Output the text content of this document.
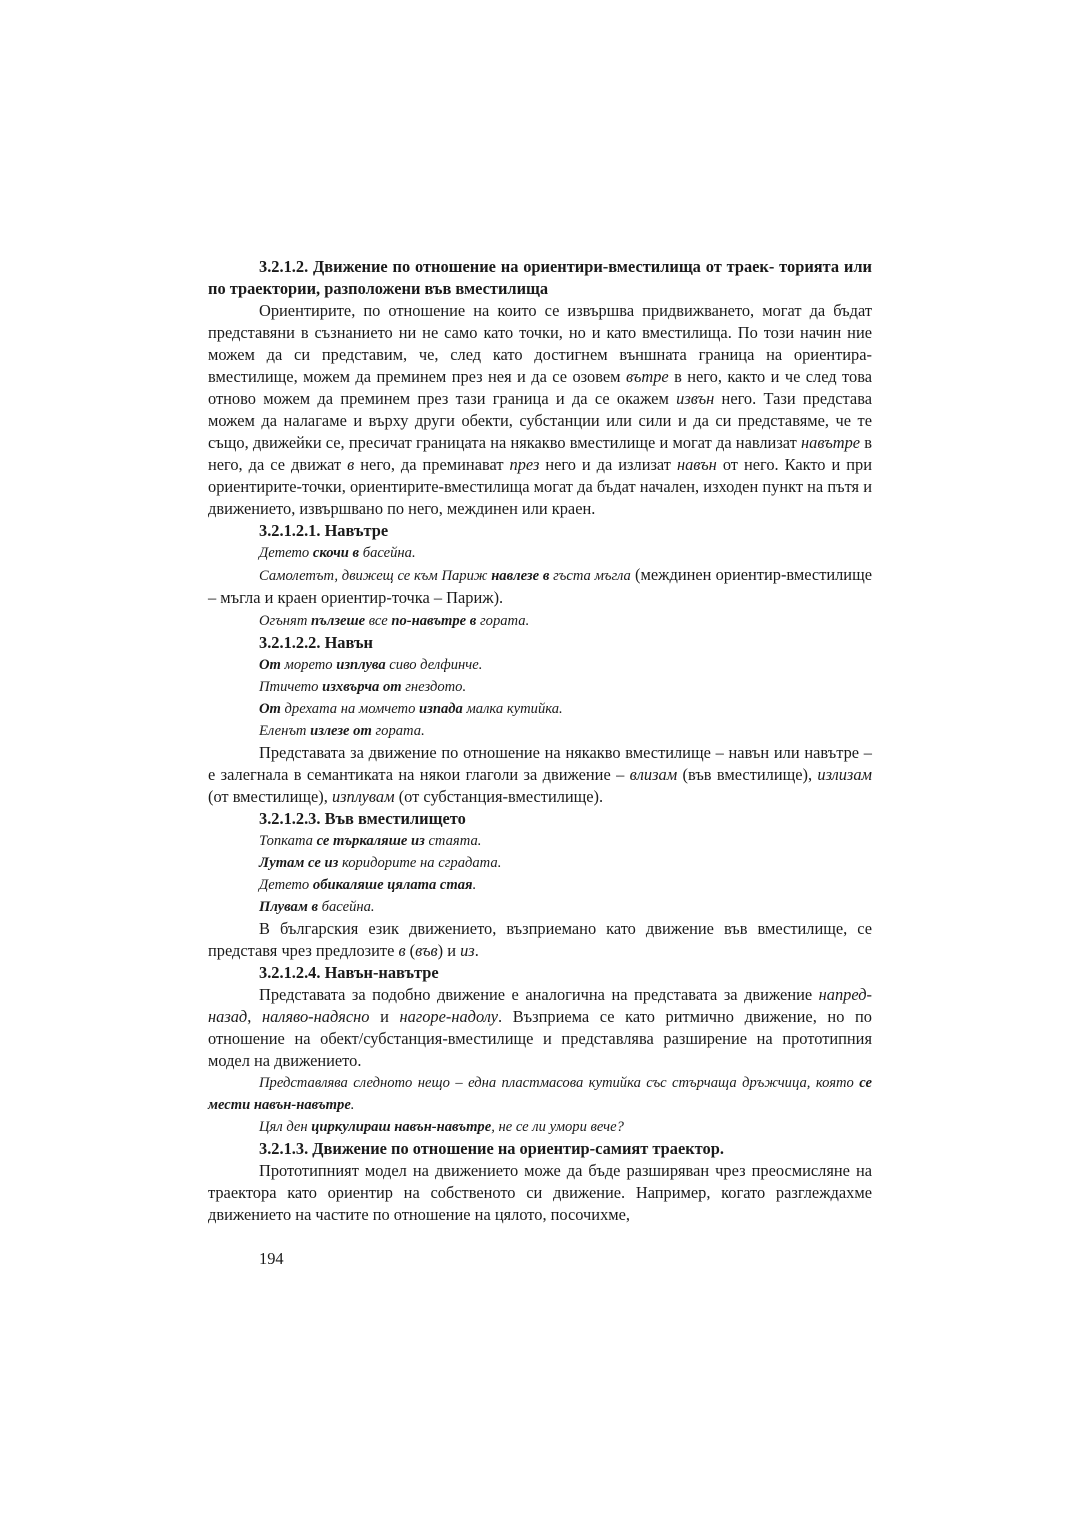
3.2.1.2. Движение по отношение на ориентири-вместилища от траек- торията или по траектории, разположени във вместилища

Ориентирите, по отношение на които се извършва придвижването, могат да бъдат представяни в съзнанието ни не само като точки, но и като вместилища. По този начин ние можем да си представим, че, след като достигнем външната граница на ориентира-вместилище, можем да преминем през нея и да се озовем вътре в него, както и че след това отново можем да преминем през тази граница и да се окажем извън него. Тази представа можем да налагаме и върху други обекти, субстанции или сили и да си представяме, че те също, движейки се, пресичат границата на някакво вместилище и могат да навлизат навътре в него, да се движат в него, да преминават през него и да излизат навън от него. Както и при ориентирите-точки, ориентирите-вместилища могат да бъдат начален, изходен пункт на пътя и движението, извършвано по него, междинен или краен.

3.2.1.2.1. Навътре

Детето скочи в басейна.

Самолетът, движещ се към Париж навлезе в гъста мъгла (междинен ориентир-вместилище – мъгла и краен ориентир-точка – Париж).

Огънят пълзеше все по-навътре в гората.

3.2.1.2.2. Навън

От морето изплува сиво делфинче.

Птичето изхвърча от гнездото.

От дрехата на момчето изпада малка кутийка.

Еленът излезе от гората.

Представата за движение по отношение на някакво вместилище – навън или навътре – е залегнала в семантиката на някои глаголи за движение – влизам (във вместилище), излизам (от вместилище), изплувам (от субстанция-вместилище).

3.2.1.2.3. Във вместилището

Топката се търкаляше из стаята.

Лутам се из коридорите на сградата.

Детето обикаляше цялата стая.

Плувам в басейна.

В българския език движението, възприемано като движение във вместилище, се представя чрез предлозите в (във) и из.

3.2.1.2.4. Навън-навътре

Представата за подобно движение е аналогична на представата за движение напред-назад, наляво-надясно и нагоре-надолу. Възприема се като ритмично движение, но по отношение на обект/субстанция-вместилище и представлява разширение на прототипния модел на движението.

Представлява следното нещо – една пластмасова кутийка със стърчаща дръжчица, която се мести навън-навътре.

Цял ден циркулираш навън-навътре, не се ли умори вече?

3.2.1.3. Движение по отношение на ориентир-самият траектор.

Прототипният модел на движението може да бъде разширяван чрез преосмисляне на траектора като ориентир на собственото си движение. Например, когато разглеждахме движението на частите по отношение на цялото, посочихме,

194
